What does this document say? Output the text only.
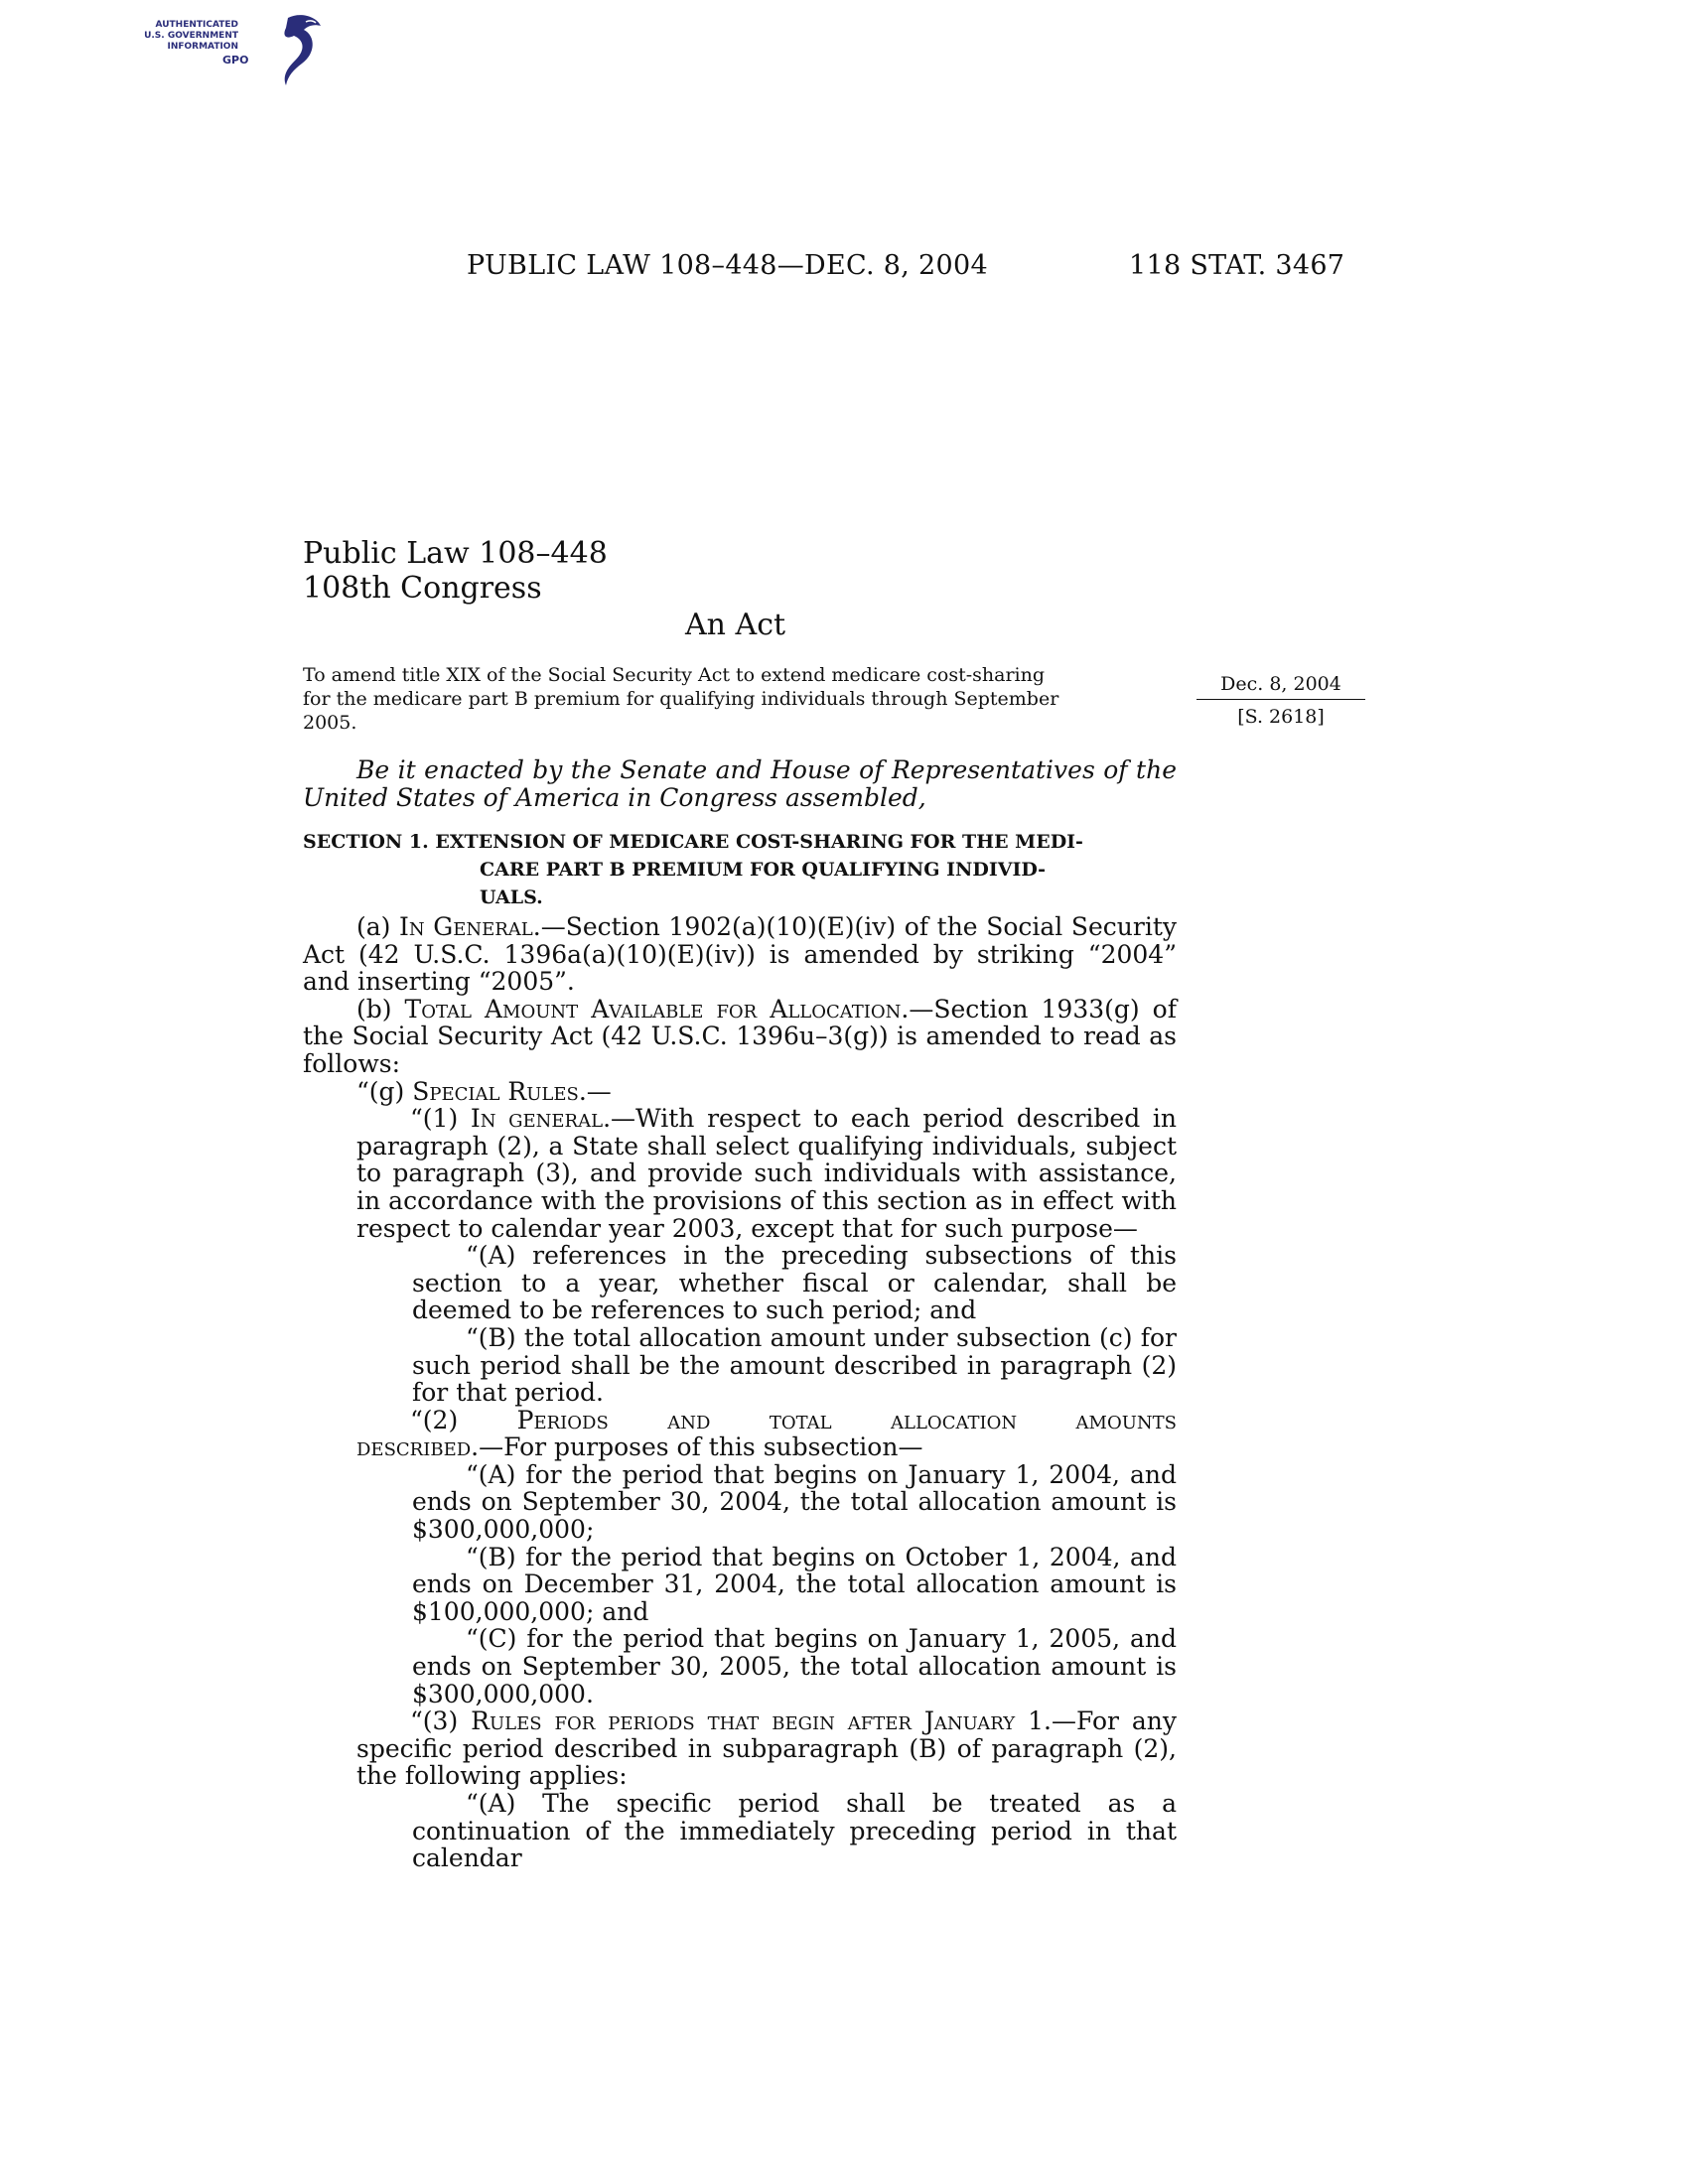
AUTHENTICATED
U.S. GOVERNMENT
INFORMATION
GPO
PUBLIC LAW 108–448—DEC. 8, 2004	118 STAT. 3467
Public Law 108–448
108th Congress
An Act
To amend title XIX of the Social Security Act to extend medicare cost-sharing
for the medicare part B premium for qualifying individuals through September
2005.
Dec. 8, 2004
[S. 2618]
Be it enacted by the Senate and House of Representatives of the United States of America in Congress assembled,
SECTION 1. EXTENSION OF MEDICARE COST-SHARING FOR THE MEDI-
CARE PART B PREMIUM FOR QUALIFYING INDIVID-
UALS.

(a) In General.—Section 1902(a)(10)(E)(iv) of the Social Security Act (42 U.S.C. 1396a(a)(10)(E)(iv)) is amended by striking “2004” and inserting “2005”.

(b) Total Amount Available for Allocation.—Section 1933(g) of the Social Security Act (42 U.S.C. 1396u–3(g)) is amended to read as follows:

“(g) Special Rules.—

“(1) In general.—With respect to each period described in paragraph (2), a State shall select qualifying individuals, subject to paragraph (3), and provide such individuals with assistance, in accordance with the provisions of this section as in effect with respect to calendar year 2003, except that for such purpose—

“(A) references in the preceding subsections of this section to a year, whether fiscal or calendar, shall be deemed to be references to such period; and

“(B) the total allocation amount under subsection (c) for such period shall be the amount described in paragraph (2) for that period.

“(2) Periods and total allocation amounts

described.—For purposes of this subsection—

“(A) for the period that begins on January 1, 2004, and ends on September 30, 2004, the total allocation amount is $300,000,000;

“(B) for the period that begins on October 1, 2004, and ends on December 31, 2004, the total allocation amount is $100,000,000; and

“(C) for the period that begins on January 1, 2005, and ends on September 30, 2005, the total allocation amount is $300,000,000.

“(3) Rules for periods that begin after January 1.—For any specific period described in subparagraph (B) of paragraph (2), the following applies:

“(A) The specific period shall be treated as a continuation of the immediately preceding period in that calendar
